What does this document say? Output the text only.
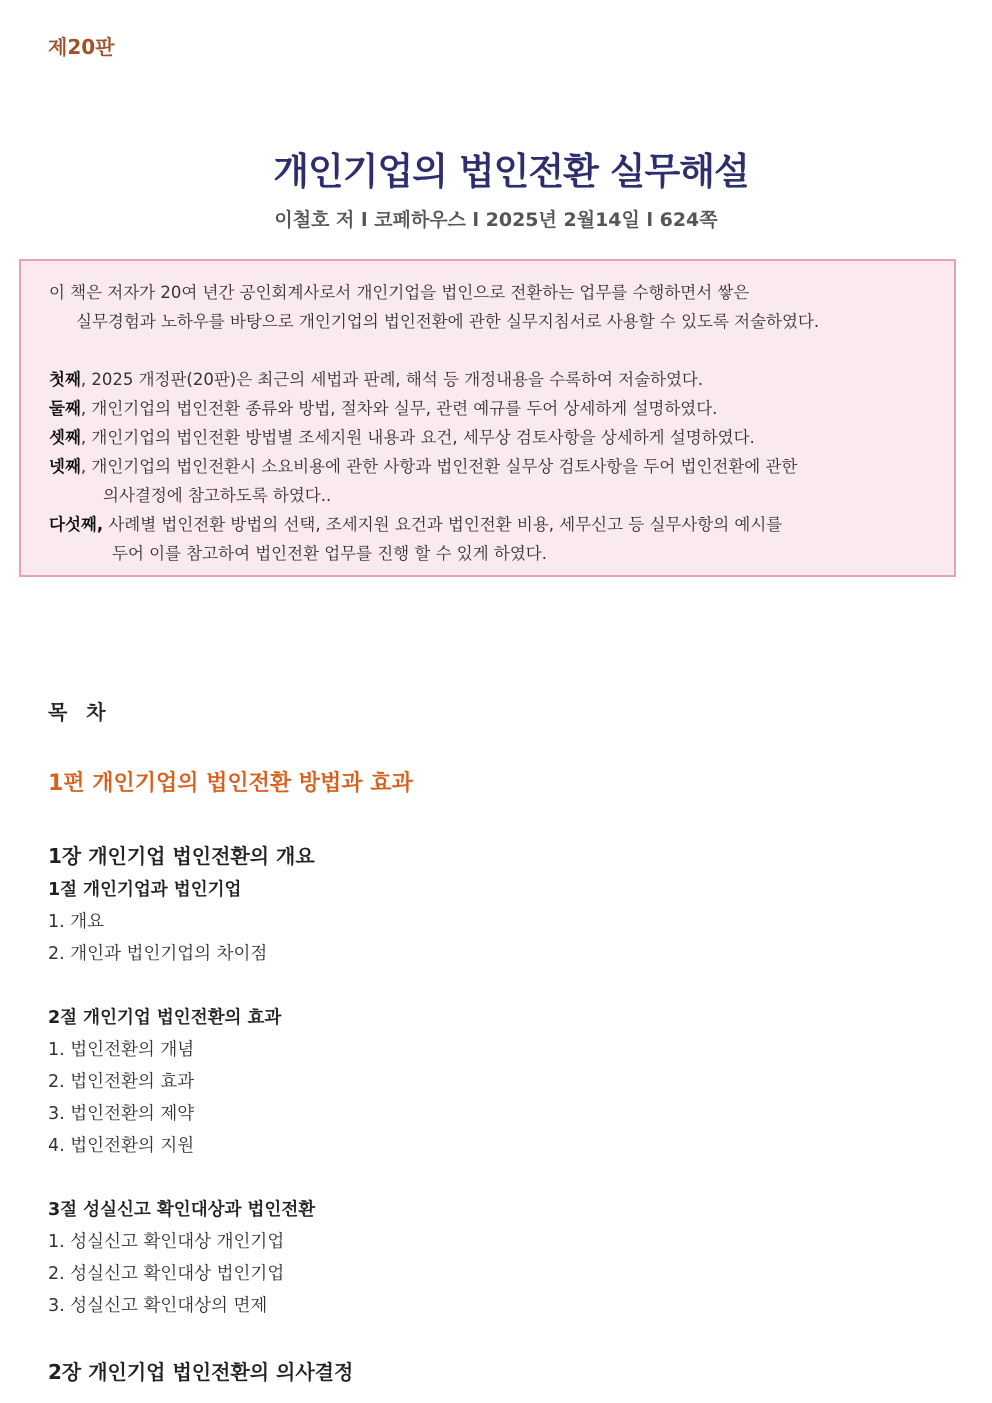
제20판
개인기업의 법인전환 실무해설
이철호 저 l 코페하우스 l 2025년 2월14일 l 624쪽

이 책은 저자가 20여 년간 공인회계사로서 개인기업을 법인으로 전환하는 업무를 수행하면서 쌓은

실무경험과 노하우를 바탕으로 개인기업의 법인전환에 관한 실무지침서로 사용할 수 있도록 저술하였다.

첫째, 2025 개정판(20판)은 최근의 세법과 판례, 해석 등 개정내용을 수록하여 저술하였다.

둘째, 개인기업의 법인전환 종류와 방법, 절차와 실무, 관련 예규를 두어 상세하게 설명하였다.

셋째, 개인기업의 법인전환 방법별 조세지원 내용과 요건, 세무상 검토사항을 상세하게 설명하였다.

넷째, 개인기업의 법인전환시 소요비용에 관한 사항과 법인전환 실무상 검토사항을 두어 법인전환에 관한

의사결정에 참고하도록 하였다..

다섯째, 사례별 법인전환 방법의 선택, 조세지원 요건과 법인전환 비용, 세무신고 등 실무사항의 예시를

두어 이를 참고하여 법인전환 업무를 진행 할 수 있게 하였다.

목 차

1편 개인기업의 법인전환 방법과 효과

1장 개인기업 법인전환의 개요

1절 개인기업과 법인기업

1. 개요

2. 개인과 법인기업의 차이점

2절 개인기업 법인전환의 효과

1. 법인전환의 개념

2. 법인전환의 효과

3. 법인전환의 제약

4. 법인전환의 지원

3절 성실신고 확인대상과 법인전환

1. 성실신고 확인대상 개인기업

2. 성실신고 확인대상 법인기업

3. 성실신고 확인대상의 면제

2장 개인기업 법인전환의 의사결정
